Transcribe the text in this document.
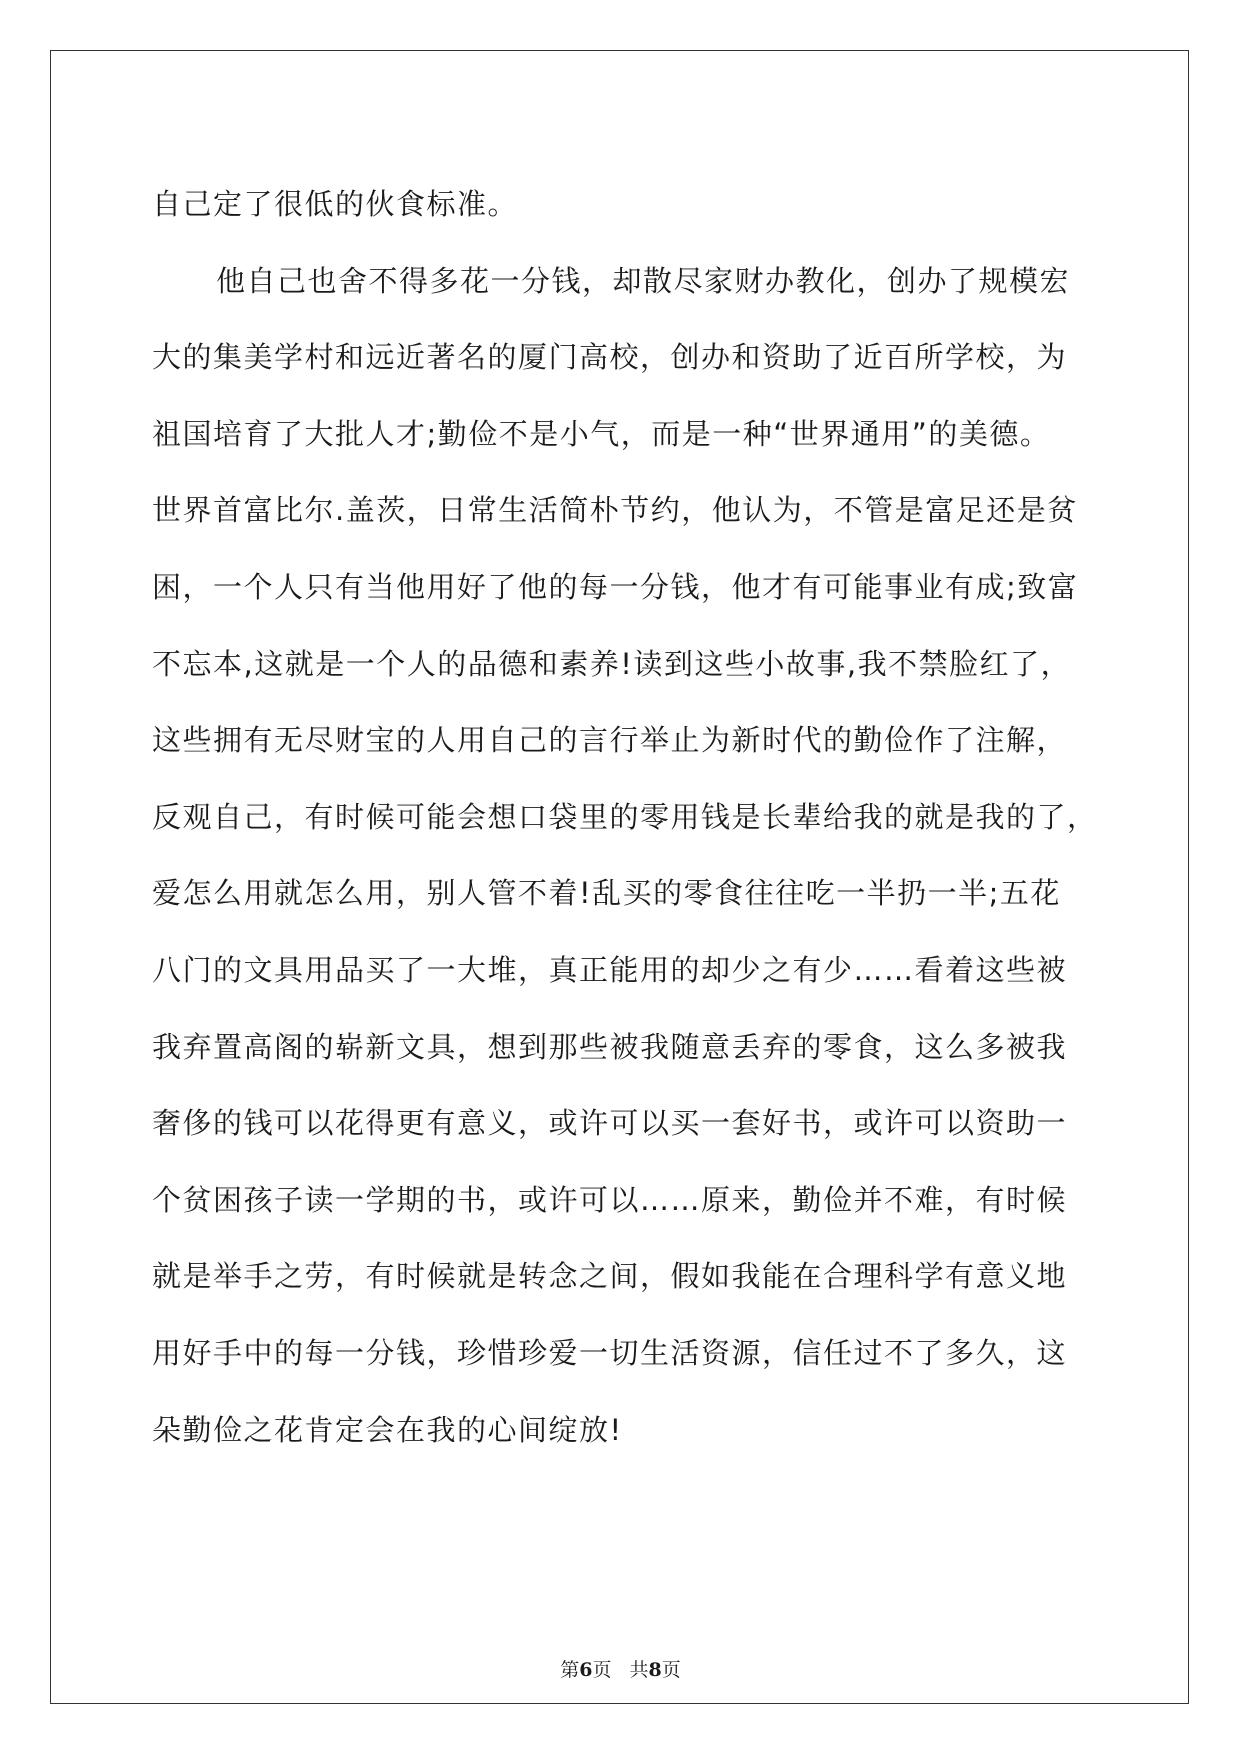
自己定了很低的伙食标准。
他自己也舍不得多花一分钱，却散尽家财办教化，创办了规模宏
大的集美学村和远近著名的厦门高校，创办和资助了近百所学校，为
祖国培育了大批人才;勤俭不是小气，而是一种“世界通用”的美德。
世界首富比尔.盖茨，日常生活简朴节约，他认为，不管是富足还是贫
困，一个人只有当他用好了他的每一分钱，他才有可能事业有成;致富
不忘本,这就是一个人的品德和素养!读到这些小故事,我不禁脸红了，
这些拥有无尽财宝的人用自己的言行举止为新时代的勤俭作了注解，
反观自己，有时候可能会想口袋里的零用钱是长辈给我的就是我的了，
爱怎么用就怎么用，别人管不着!乱买的零食往往吃一半扔一半;五花
八门的文具用品买了一大堆，真正能用的却少之有少……看着这些被
我弃置高阁的崭新文具，想到那些被我随意丢弃的零食，这么多被我
奢侈的钱可以花得更有意义，或许可以买一套好书，或许可以资助一
个贫困孩子读一学期的书，或许可以……原来，勤俭并不难，有时候
就是举手之劳，有时候就是转念之间，假如我能在合理科学有意义地
用好手中的每一分钱，珍惜珍爱一切生活资源，信任过不了多久，这
朵勤俭之花肯定会在我的心间绽放!
第6页 共8页
